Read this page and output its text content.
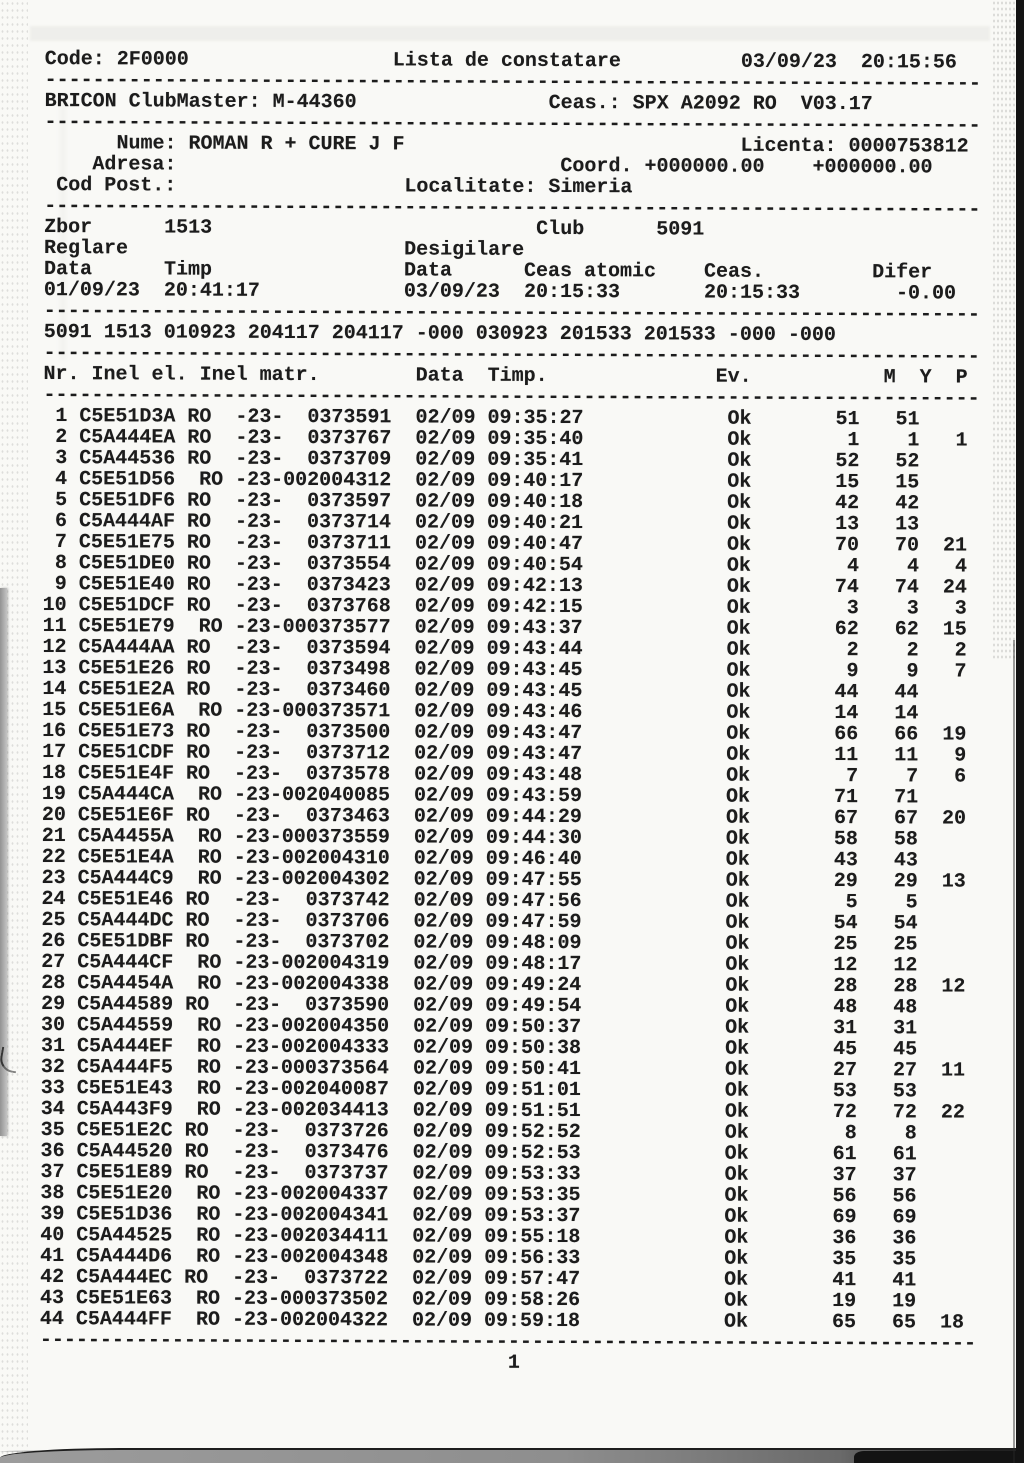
Code: 2F0000                 Lista de constatare          03/09/23  20:15:56
------------------------------------------------------------------------------
BRICON ClubMaster: M-44360                Ceas.: SPX A2092 RO  V03.17
------------------------------------------------------------------------------
Nume: ROMAN R + CURE J F                            Licenta: 0000753812
Adresa:                                Coord. +000000.00    +000000.00
Cod Post.:                   Localitate: Simeria
------------------------------------------------------------------------------
Zbor      1513                           Club      5091
Reglare                       Desigilare
Data      Timp                Data      Ceas atomic    Ceas.         Difer
01/09/23  20:41:17            03/09/23  20:15:33       20:15:33        -0.00
------------------------------------------------------------------------------
5091 1513 010923 204117 204117 -000 030923 201533 201533 -000 -000
------------------------------------------------------------------------------
Nr. Inel el. Inel matr.        Data  Timp.              Ev.           M  Y  P
------------------------------------------------------------------------------
1 C5E51D3A RO  -23-  0373591  02/09 09:35:27            Ok       51   51
2 C5A444EA RO  -23-  0373767  02/09 09:35:40            Ok        1    1   1
3 C5A44536 RO  -23-  0373709  02/09 09:35:41            Ok       52   52
4 C5E51D56  RO -23-002004312  02/09 09:40:17            Ok       15   15
5 C5E51DF6 RO  -23-  0373597  02/09 09:40:18            Ok       42   42
6 C5A444AF RO  -23-  0373714  02/09 09:40:21            Ok       13   13
7 C5E51E75 RO  -23-  0373711  02/09 09:40:47            Ok       70   70  21
8 C5E51DE0 RO  -23-  0373554  02/09 09:40:54            Ok        4    4   4
9 C5E51E40 RO  -23-  0373423  02/09 09:42:13            Ok       74   74  24
10 C5E51DCF RO  -23-  0373768  02/09 09:42:15            Ok        3    3   3
11 C5E51E79  RO -23-000373577  02/09 09:43:37            Ok       62   62  15
12 C5A444AA RO  -23-  0373594  02/09 09:43:44            Ok        2    2   2
13 C5E51E26 RO  -23-  0373498  02/09 09:43:45            Ok        9    9   7
14 C5E51E2A RO  -23-  0373460  02/09 09:43:45            Ok       44   44
15 C5E51E6A  RO -23-000373571  02/09 09:43:46            Ok       14   14
16 C5E51E73 RO  -23-  0373500  02/09 09:43:47            Ok       66   66  19
17 C5E51CDF RO  -23-  0373712  02/09 09:43:47            Ok       11   11   9
18 C5E51E4F RO  -23-  0373578  02/09 09:43:48            Ok        7    7   6
19 C5A444CA  RO -23-002040085  02/09 09:43:59            Ok       71   71
20 C5E51E6F RO  -23-  0373463  02/09 09:44:29            Ok       67   67  20
21 C5A4455A  RO -23-000373559  02/09 09:44:30            Ok       58   58
22 C5E51E4A  RO -23-002004310  02/09 09:46:40            Ok       43   43
23 C5A444C9  RO -23-002004302  02/09 09:47:55            Ok       29   29  13
24 C5E51E46 RO  -23-  0373742  02/09 09:47:56            Ok        5    5
25 C5A444DC RO  -23-  0373706  02/09 09:47:59            Ok       54   54
26 C5E51DBF RO  -23-  0373702  02/09 09:48:09            Ok       25   25
27 C5A444CF  RO -23-002004319  02/09 09:48:17            Ok       12   12
28 C5A4454A  RO -23-002004338  02/09 09:49:24            Ok       28   28  12
29 C5A44589 RO  -23-  0373590  02/09 09:49:54            Ok       48   48
30 C5A44559  RO -23-002004350  02/09 09:50:37            Ok       31   31
31 C5A444EF  RO -23-002004333  02/09 09:50:38            Ok       45   45
32 C5A444F5  RO -23-000373564  02/09 09:50:41            Ok       27   27  11
33 C5E51E43  RO -23-002040087  02/09 09:51:01            Ok       53   53
34 C5A443F9  RO -23-002034413  02/09 09:51:51            Ok       72   72  22
35 C5E51E2C RO  -23-  0373726  02/09 09:52:52            Ok        8    8
36 C5A44520 RO  -23-  0373476  02/09 09:52:53            Ok       61   61
37 C5E51E89 RO  -23-  0373737  02/09 09:53:33            Ok       37   37
38 C5E51E20  RO -23-002004337  02/09 09:53:35            Ok       56   56
39 C5E51D36  RO -23-002004341  02/09 09:53:37            Ok       69   69
40 C5A44525  RO -23-002034411  02/09 09:55:18            Ok       36   36
41 C5A444D6  RO -23-002004348  02/09 09:56:33            Ok       35   35
42 C5A444EC RO  -23-  0373722  02/09 09:57:47            Ok       41   41
43 C5E51E63  RO -23-000373502  02/09 09:58:26            Ok       19   19
44 C5A444FF  RO -23-002004322  02/09 09:59:18            Ok       65   65  18
------------------------------------------------------------------------------
1
